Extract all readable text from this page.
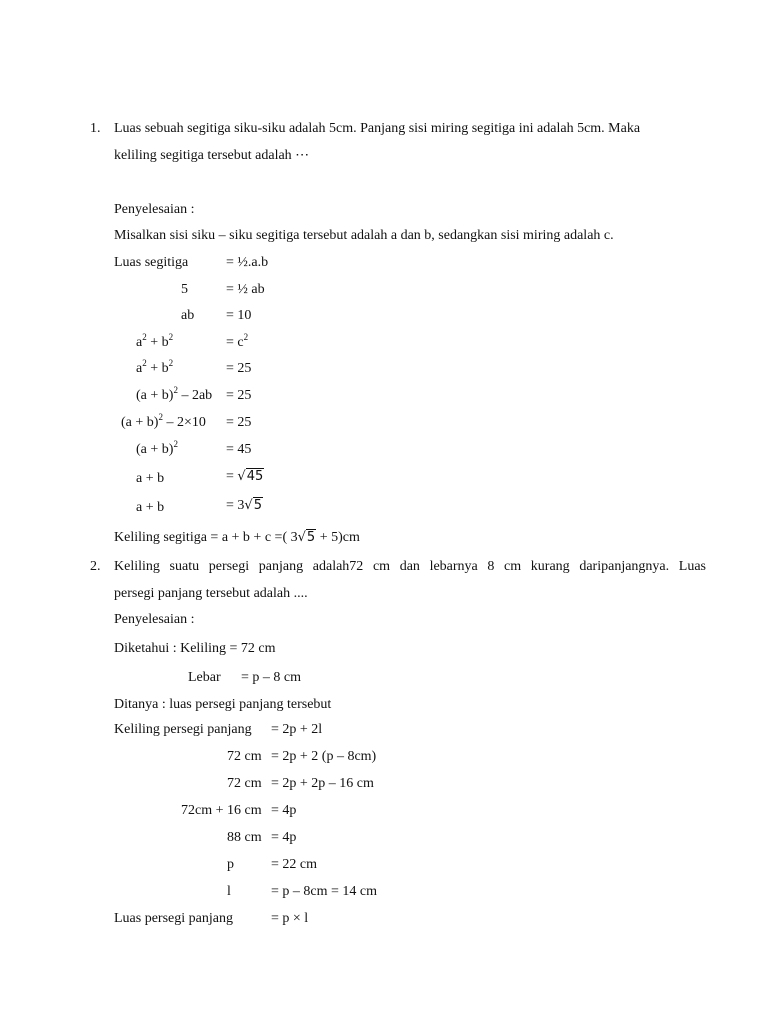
1. Luas sebuah segitiga siku-siku adalah 5cm. Panjang sisi miring segitiga ini adalah 5cm. Maka
keliling segitiga tersebut adalah ⋯
Penyelesaian :
Misalkan sisi siku – siku segitiga tersebut adalah a dan b, sedangkan sisi miring adalah c.
Luas segitiga	= ½.a.b
5	= ½ ab
ab = 10
$a^2 + b^2$	= $c^2$
$a^2 + b^2$	= 25
$(a + b)^2 - 2ab = 25$
$(a + b)^2 - 2\times 10 = 25$
$(a + b)^2$	= 45
a + b	= √45
a + b	= 3√5
Keliling segitiga = a + b + c =( 3√5 + 5)cm
2. Keliling suatu persegi panjang adalah72 cm dan lebarnya 8 cm kurang daripanjangnya. Luas
persegi panjang tersebut adalah ....
Penyelesaian :
Diketahui : Keliling = 72 cm
Lebar = p – 8 cm
Ditanya : luas persegi panjang tersebut
Keliling persegi panjang = 2p + 2l
72 cm = 2p + 2 (p – 8cm)
72 cm = 2p + 2p – 16 cm
72cm + 16 cm = 4p
88 cm = 4p
p	= 22 cm
l	= p – 8cm = 14 cm
Luas persegi panjang	= p × l
